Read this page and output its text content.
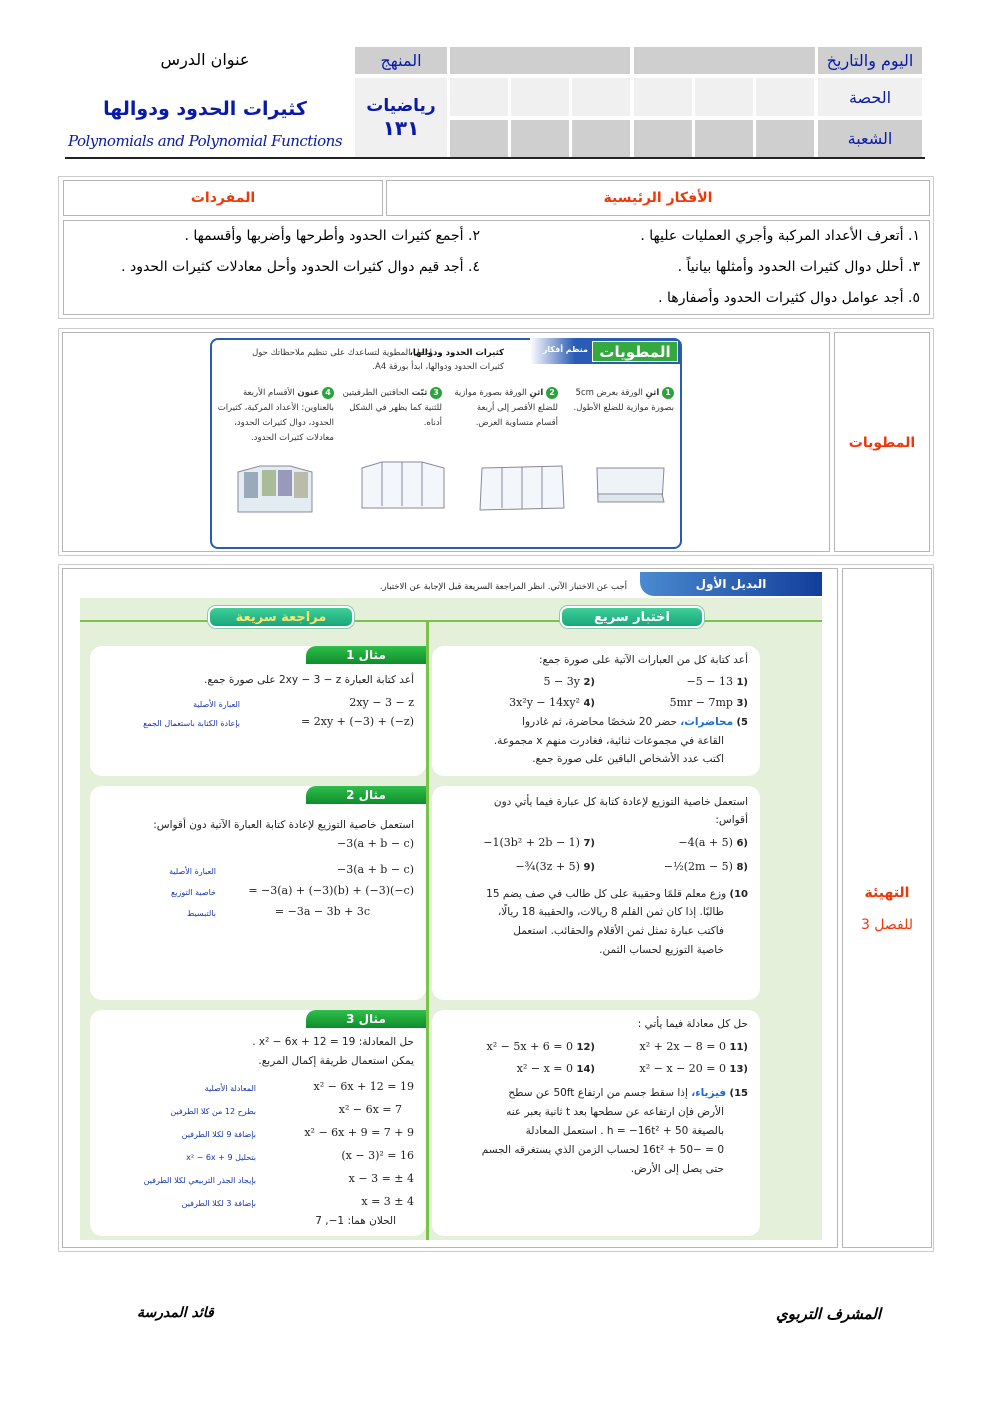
اليوم والتاريخ
الحصة
الشعبة
المنهج
رياضيات
١٣١
عنوان الدرس
كثيرات الحدود ودوالها
Polynomials and Polynomial Functions
الأفكار الرئيسية
المفردات
١. أتعرف الأعداد المركبة وأجري العمليات عليها .
٢. أجمع كثيرات الحدود وأطرحها وأضربها وأقسمها .
٣. أحلل دوال كثيرات الحدود وأمثلها بيانياً .
٤. أجد قيم دوال كثيرات الحدود وأحل معادلات كثيرات الحدود .
٥. أجد عوامل دوال كثيرات الحدود وأصفارها .
المطويات
المطويات
منظم أفكار
كثيرات الحدود ودوالها،
اعمل المطوية لتساعدك على تنظيم ملاحظاتك حول كثيرات الحدود ودوالها، ابدأ بورقة A4.
1 اثنِ الورقة بعرض 5cm بصورة موازية للضلع الأطول.
2 اثنِ الورقة بصورة موازية للضلع الأقصر إلى أربعة أقسام متساوية العرض.
3 ثبّت الحافتين الطرفيتين للثنية كما يظهر في الشكل أدناه.
4 عنون الأقسام الأربعة بالعناوين: الأعداد المركبة، كثيرات الحدود، دوال كثيرات الحدود، معادلات كثيرات الحدود.
التهيئة
للفصل 3
البديل الأول
أجب عن الاختبار الآتي. انظر المراجعة السريعة قبل الإجابة عن الاختبار.
اختبار سريع
مراجعة سريعة
أعد كتابة كل من العبارات الآتية على صورة جمع:
−5 − 13 1)
5 − 3y 2)
5mr − 7mp 3)
3x²y − 14xy² 4)
5) محاضرات، حضر 20 شخصًا محاضرة، ثم غادروا
القاعة في مجموعات ثنائية، فغادرت منهم x مجموعة.
اكتب عدد الأشخاص الباقين على صورة جمع.
استعمل خاصية التوزيع لإعادة كتابة كل عبارة فيما يأتي دون
أقواس:
−4(a + 5) 6)
−1(3b² + 2b − 1) 7)
−½(2m − 5) 8)
−¾(3z + 5) 9)
10) وزع معلم قلمًا وحقيبة على كل طالب في صف يضم 15
طالبًا. إذا كان ثمن القلم 8 ريالات، والحقيبة 18 ريالًا،
فاكتب عبارة تمثل ثمن الأقلام والحقائب. استعمل
خاصية التوزيع لحساب الثمن.
حل كل معادلة فيما يأتي :
x² + 2x − 8 = 0 11)
x² − 5x + 6 = 0 12)
x² − x − 20 = 0 13)
x² − x = 0 14)
15) فيزياء، إذا سقط جسم من ارتفاع 50ft عن سطح
الأرض فإن ارتفاعه عن سطحها بعد t ثانية يعبر عنه
بالصيغة h = −16t² + 50 . استعمل المعادلة
0 = −16t² + 50 لحساب الزمن الذي يستغرقه الجسم
حتى يصل إلى الأرض.
مثال 1
أعد كتابة العبارة 2xy − 3 − z على صورة جمع.
2xy − 3 − z
العبارة الأصلية
= 2xy + (−3) + (−z)
بإعادة الكتابة باستعمال الجمع
مثال 2
استعمل خاصية التوزيع لإعادة كتابة العبارة الآتية دون أقواس:
−3(a + b − c)
−3(a + b − c)
العبارة الأصلية
= −3(a) + (−3)(b) + (−3)(−c)
خاصية التوزيع
= −3a − 3b + 3c
بالتبسيط
مثال 3
حل المعادلة: x² − 6x + 12 = 19 .
يمكن استعمال طريقة إكمال المربع.
x² − 6x + 12 = 19
المعادلة الأصلية
x² − 6x = 7
بطرح 12 من كلا الطرفين
x² − 6x + 9 = 7 + 9
بإضافة 9 لكلا الطرفين
(x − 3)² = 16
بتحليل x² − 6x + 9
x − 3 = ± 4
بإيجاد الجذر التربيعي لكلا الطرفين
x = 3 ± 4
بإضافة 3 لكلا الطرفين
الحلان هما: 1−, 7
المشرف التربوي
قائد المدرسة
